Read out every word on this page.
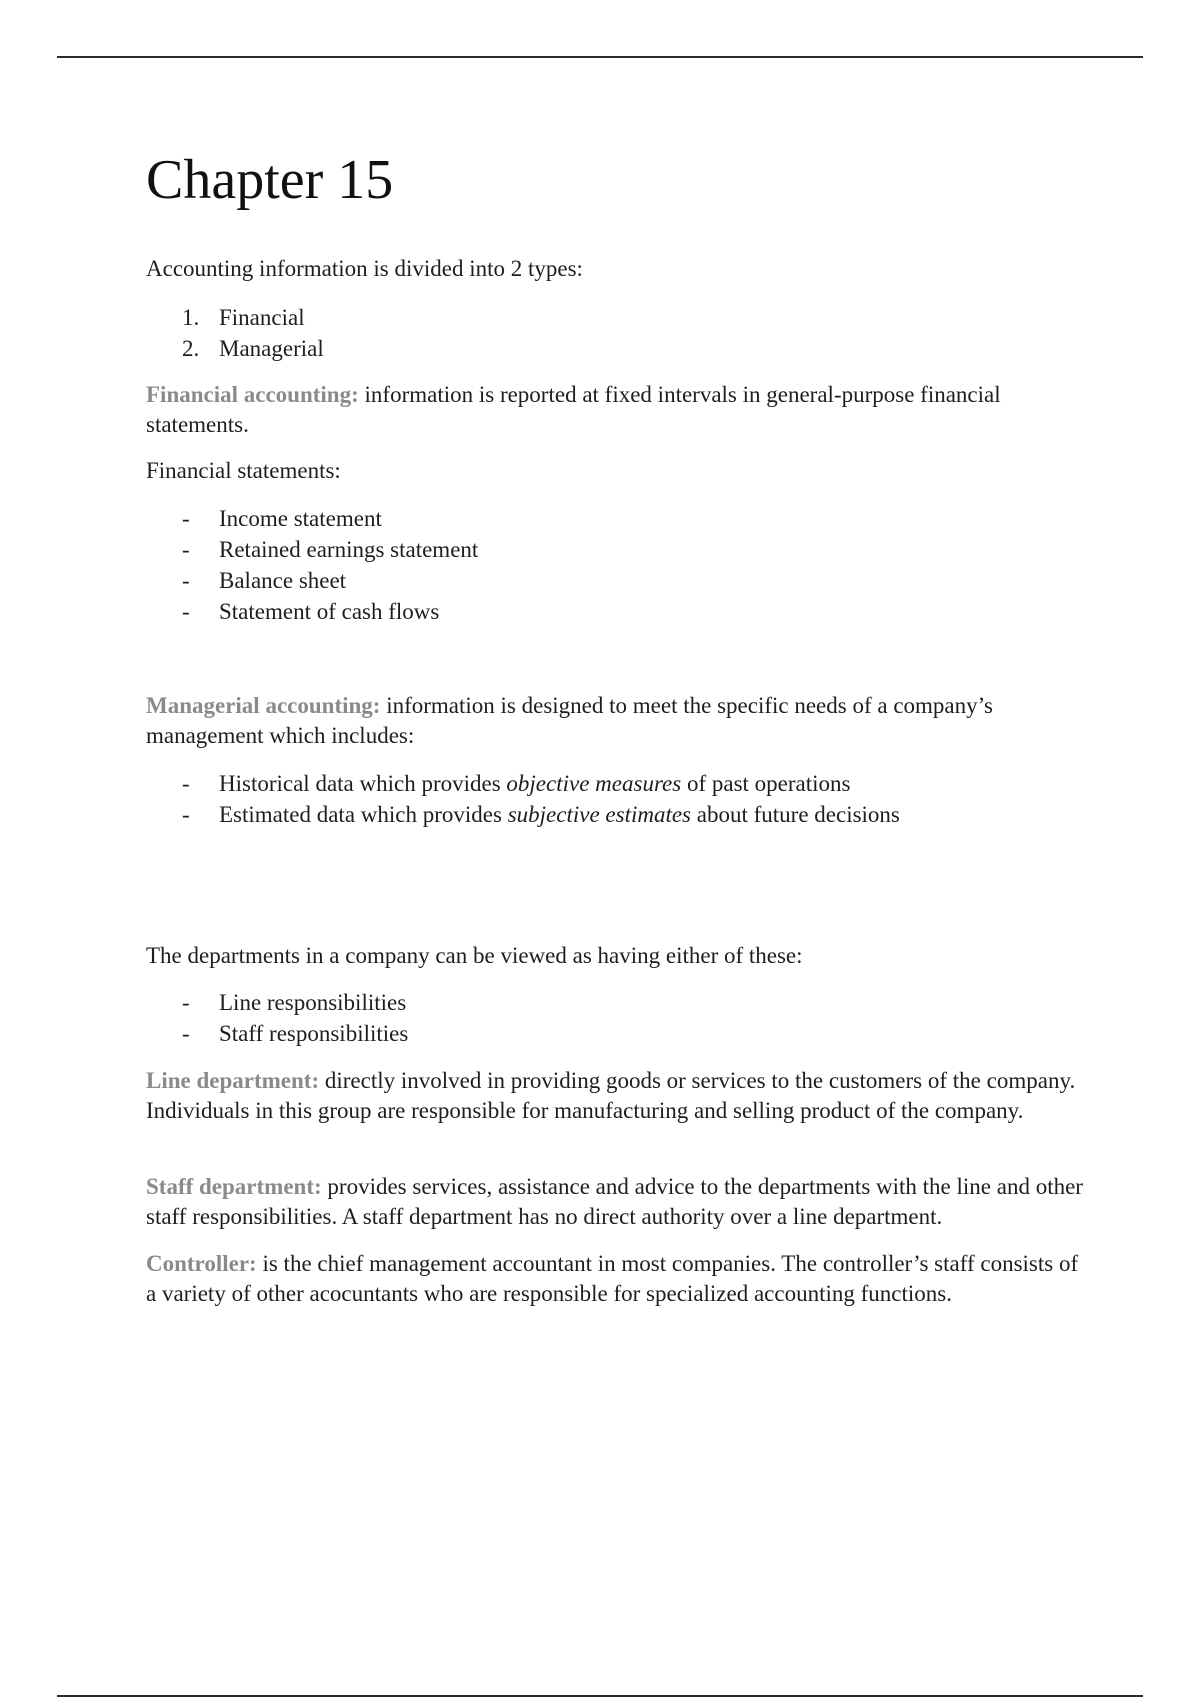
Chapter 15

Accounting information is divided into 2 types:

1. Financial
2. Managerial

Financial accounting: information is reported at fixed intervals in general-purpose financial statements.

Financial statements:

- Income statement
- Retained earnings statement
- Balance sheet
- Statement of cash flows

Managerial accounting: information is designed to meet the specific needs of a company’s management which includes:

- Historical data which provides objective measures of past operations
- Estimated data which provides subjective estimates about future decisions

The departments in a company can be viewed as having either of these:

- Line responsibilities
- Staff responsibilities

Line department: directly involved in providing goods or services to the customers of the company. Individuals in this group are responsible for manufacturing and selling product of the company.

Staff department: provides services, assistance and advice to the departments with the line and other staff responsibilities. A staff department has no direct authority over a line department.

Controller: is the chief management accountant in most companies. The controller’s staff consists of a variety of other acocuntants who are responsible for specialized accounting functions.
